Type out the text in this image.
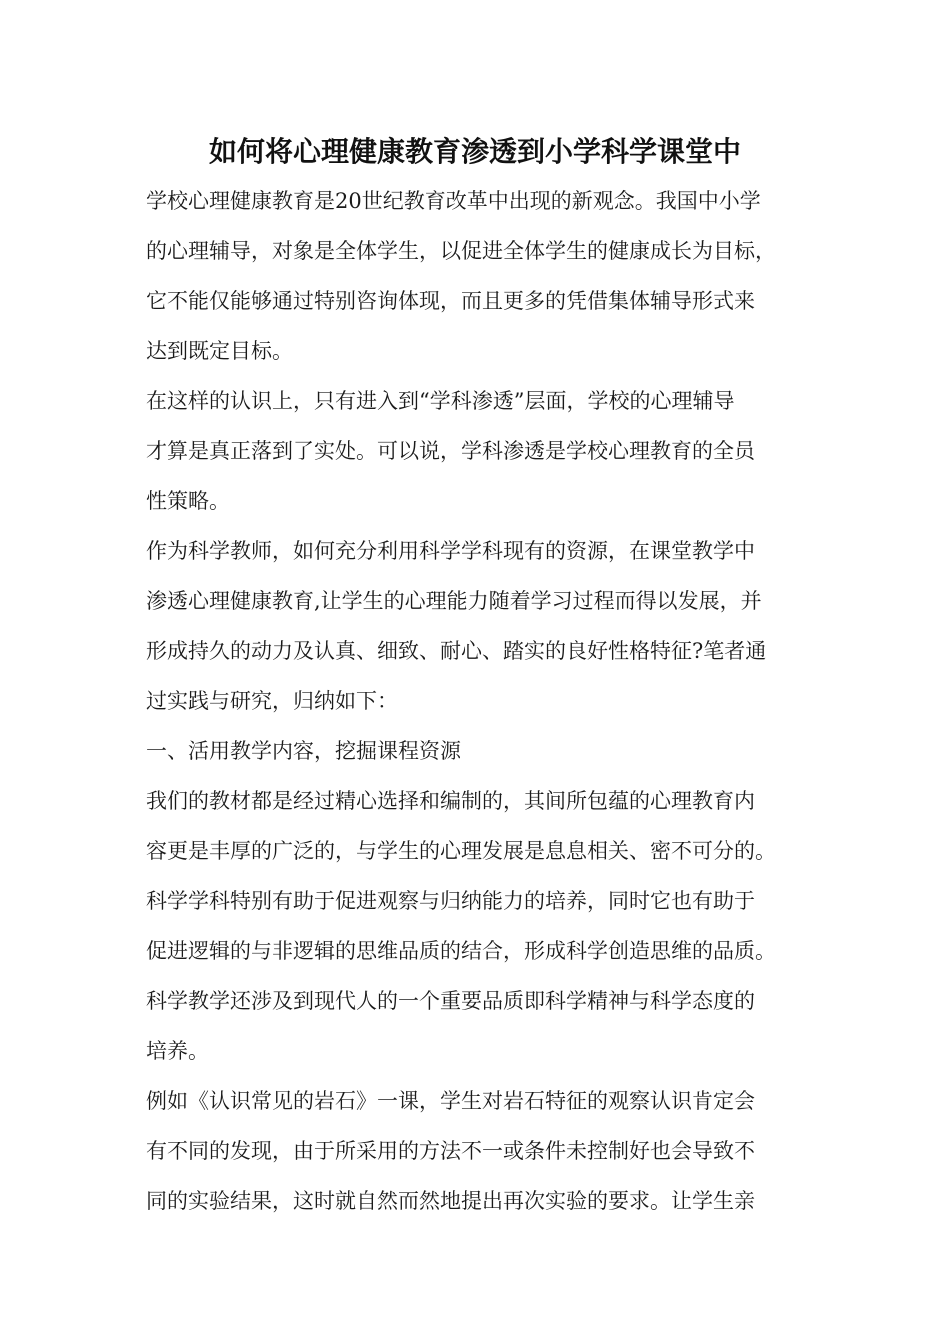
如何将心理健康教育渗透到小学科学课堂中

学校心理健康教育是20世纪教育改革中出现的新观念。我国中小学
的心理辅导，对象是全体学生，以促进全体学生的健康成长为目标，
它不能仅能够通过特别咨询体现，而且更多的凭借集体辅导形式来
达到既定目标。

在这样的认识上，只有进入到“学科渗透”层面，学校的心理辅导
才算是真正落到了实处。可以说，学科渗透是学校心理教育的全员
性策略。

作为科学教师，如何充分利用科学学科现有的资源，在课堂教学中
渗透心理健康教育,让学生的心理能力随着学习过程而得以发展，并
形成持久的动力及认真、细致、耐心、踏实的良好性格特征?笔者通
过实践与研究，归纳如下：

一、活用教学内容，挖掘课程资源

我们的教材都是经过精心选择和编制的，其间所包蕴的心理教育内
容更是丰厚的广泛的，与学生的心理发展是息息相关、密不可分的。
科学学科特别有助于促进观察与归纳能力的培养，同时它也有助于
促进逻辑的与非逻辑的思维品质的结合，形成科学创造思维的品质。
科学教学还涉及到现代人的一个重要品质即科学精神与科学态度的
培养。

例如《认识常见的岩石》一课，学生对岩石特征的观察认识肯定会
有不同的发现，由于所采用的方法不一或条件未控制好也会导致不
同的实验结果，这时就自然而然地提出再次实验的要求。让学生亲
